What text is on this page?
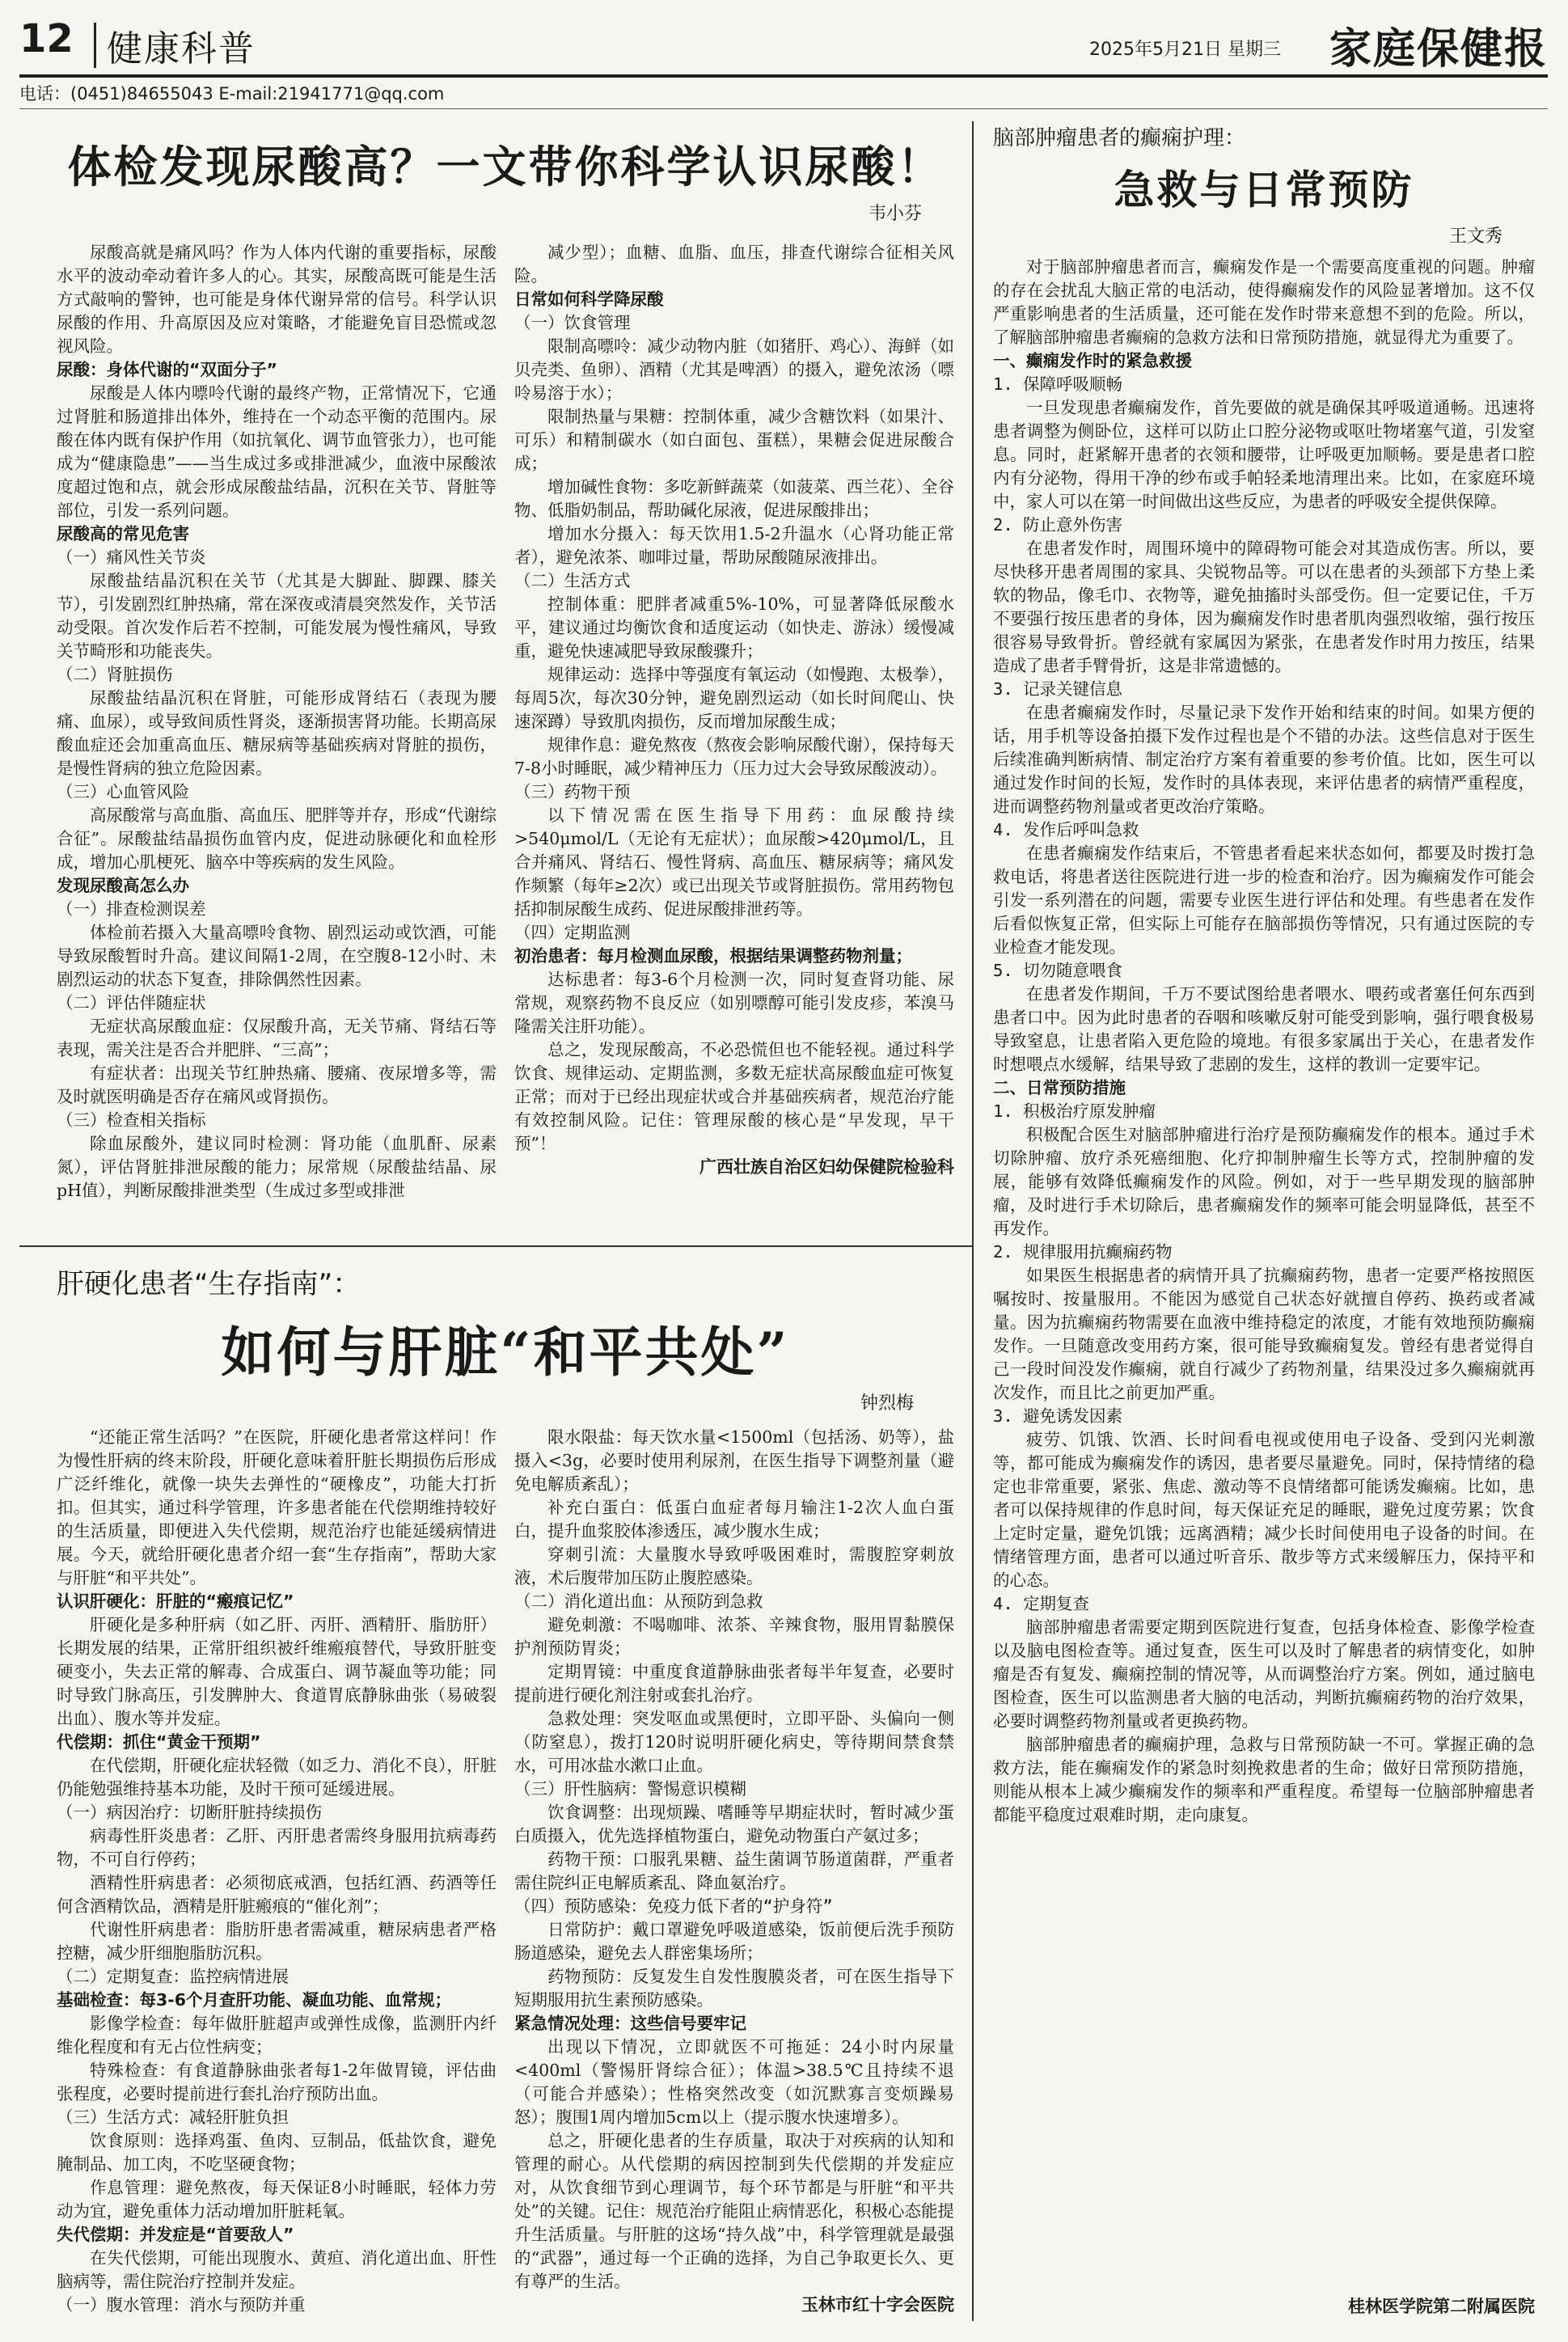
12 健康科普	2025年5月21日 星期三 家庭保健报
电话：(0451)84655043 E-mail:21941771@qq.com
体检发现尿酸高？一文带你科学认识尿酸！
韦小芬

尿酸高就是痛风吗？作为人体内代谢的重要指标，尿酸水平的波动牵动着许多人的心。其实，尿酸高既可能是生活方式敲响的警钟，也可能是身体代谢异常的信号。科学认识尿酸的作用、升高原因及应对策略，才能避免盲目恐慌或忽视风险。

尿酸：身体代谢的“双面分子”

尿酸是人体内嘌呤代谢的最终产物，正常情况下，它通过肾脏和肠道排出体外，维持在一个动态平衡的范围内。尿酸在体内既有保护作用（如抗氧化、调节血管张力），也可能成为“健康隐患”——当生成过多或排泄减少，血液中尿酸浓度超过饱和点，就会形成尿酸盐结晶，沉积在关节、肾脏等部位，引发一系列问题。

尿酸高的常见危害

（一）痛风性关节炎

尿酸盐结晶沉积在关节（尤其是大脚趾、脚踝、膝关节），引发剧烈红肿热痛，常在深夜或清晨突然发作，关节活动受限。首次发作后若不控制，可能发展为慢性痛风，导致关节畸形和功能丧失。

（二）肾脏损伤

尿酸盐结晶沉积在肾脏，可能形成肾结石（表现为腰痛、血尿），或导致间质性肾炎，逐渐损害肾功能。长期高尿酸血症还会加重高血压、糖尿病等基础疾病对肾脏的损伤，是慢性肾病的独立危险因素。

（三）心血管风险

高尿酸常与高血脂、高血压、肥胖等并存，形成“代谢综合征”。尿酸盐结晶损伤血管内皮，促进动脉硬化和血栓形成，增加心肌梗死、脑卒中等疾病的发生风险。

发现尿酸高怎么办

（一）排查检测误差

体检前若摄入大量高嘌呤食物、剧烈运动或饮酒，可能导致尿酸暂时升高。建议间隔1-2周，在空腹8-12小时、未剧烈运动的状态下复查，排除偶然性因素。

（二）评估伴随症状

无症状高尿酸血症：仅尿酸升高，无关节痛、肾结石等表现，需关注是否合并肥胖、“三高”；

有症状者：出现关节红肿热痛、腰痛、夜尿增多等，需及时就医明确是否存在痛风或肾损伤。

（三）检查相关指标

除血尿酸外，建议同时检测：肾功能（血肌酐、尿素氮），评估肾脏排泄尿酸的能力；尿常规（尿酸盐结晶、尿pH值），判断尿酸排泄类型（生成过多型或排泄

减少型）；血糖、血脂、血压，排查代谢综合征相关风险。

日常如何科学降尿酸

（一）饮食管理

限制高嘌呤：减少动物内脏（如猪肝、鸡心）、海鲜（如贝壳类、鱼卵）、酒精（尤其是啤酒）的摄入，避免浓汤（嘌呤易溶于水）；

限制热量与果糖：控制体重，减少含糖饮料（如果汁、可乐）和精制碳水（如白面包、蛋糕），果糖会促进尿酸合成；

增加碱性食物：多吃新鲜蔬菜（如菠菜、西兰花）、全谷物、低脂奶制品，帮助碱化尿液，促进尿酸排出；

增加水分摄入：每天饮用1.5-2升温水（心肾功能正常者），避免浓茶、咖啡过量，帮助尿酸随尿液排出。

（二）生活方式

控制体重：肥胖者减重5%-10%，可显著降低尿酸水平，建议通过均衡饮食和适度运动（如快走、游泳）缓慢减重，避免快速减肥导致尿酸骤升；

规律运动：选择中等强度有氧运动（如慢跑、太极拳），每周5次，每次30分钟，避免剧烈运动（如长时间爬山、快速深蹲）导致肌肉损伤，反而增加尿酸生成；

规律作息：避免熬夜（熬夜会影响尿酸代谢），保持每天7-8小时睡眠，减少精神压力（压力过大会导致尿酸波动）。

（三）药物干预

以下情况需在医生指导下用药：血尿酸持续>540μmol/L（无论有无症状）；血尿酸>420μmol/L，且合并痛风、肾结石、慢性肾病、高血压、糖尿病等；痛风发作频繁（每年≥2次）或已出现关节或肾脏损伤。常用药物包括抑制尿酸生成药、促进尿酸排泄药等。

（四）定期监测

初治患者：每月检测血尿酸，根据结果调整药物剂量；

达标患者：每3-6个月检测一次，同时复查肾功能、尿常规，观察药物不良反应（如别嘌醇可能引发皮疹，苯溴马隆需关注肝功能）。

总之，发现尿酸高，不必恐慌但也不能轻视。通过科学饮食、规律运动、定期监测，多数无症状高尿酸血症可恢复正常；而对于已经出现症状或合并基础疾病者，规范治疗能有效控制风险。记住：管理尿酸的核心是“早发现，早干预”！

广西壮族自治区妇幼保健院检验科
肝硬化患者“生存指南”：
如何与肝脏“和平共处”
钟烈梅

“还能正常生活吗？”在医院，肝硬化患者常这样问！作为慢性肝病的终末阶段，肝硬化意味着肝脏长期损伤后形成广泛纤维化，就像一块失去弹性的“硬橡皮”，功能大打折扣。但其实，通过科学管理，许多患者能在代偿期维持较好的生活质量，即便进入失代偿期，规范治疗也能延缓病情进展。今天，就给肝硬化患者介绍一套“生存指南”，帮助大家与肝脏“和平共处”。

认识肝硬化：肝脏的“瘢痕记忆”

肝硬化是多种肝病（如乙肝、丙肝、酒精肝、脂肪肝）长期发展的结果，正常肝组织被纤维瘢痕替代，导致肝脏变硬变小，失去正常的解毒、合成蛋白、调节凝血等功能；同时导致门脉高压，引发脾肿大、食道胃底静脉曲张（易破裂出血）、腹水等并发症。

代偿期：抓住“黄金干预期”

在代偿期，肝硬化症状轻微（如乏力、消化不良），肝脏仍能勉强维持基本功能，及时干预可延缓进展。

（一）病因治疗：切断肝脏持续损伤

病毒性肝炎患者：乙肝、丙肝患者需终身服用抗病毒药物，不可自行停药；

酒精性肝病患者：必须彻底戒酒，包括红酒、药酒等任何含酒精饮品，酒精是肝脏瘢痕的“催化剂”；

代谢性肝病患者：脂肪肝患者需减重，糖尿病患者严格控糖，减少肝细胞脂肪沉积。

（二）定期复查：监控病情进展

基础检查：每3-6个月查肝功能、凝血功能、血常规；

影像学检查：每年做肝脏超声或弹性成像，监测肝内纤维化程度和有无占位性病变；

特殊检查：有食道静脉曲张者每1-2年做胃镜，评估曲张程度，必要时提前进行套扎治疗预防出血。

（三）生活方式：减轻肝脏负担

饮食原则：选择鸡蛋、鱼肉、豆制品，低盐饮食，避免腌制品、加工肉，不吃坚硬食物；

作息管理：避免熬夜，每天保证8小时睡眠，轻体力劳动为宜，避免重体力活动增加肝脏耗氧。

失代偿期：并发症是“首要敌人”

在失代偿期，可能出现腹水、黄疸、消化道出血、肝性脑病等，需住院治疗控制并发症。

（一）腹水管理：消水与预防并重

限水限盐：每天饮水量<1500ml（包括汤、奶等），盐摄入<3g，必要时使用利尿剂，在医生指导下调整剂量（避免电解质紊乱）；

补充白蛋白：低蛋白血症者每月输注1-2次人血白蛋白，提升血浆胶体渗透压，减少腹水生成；

穿刺引流：大量腹水导致呼吸困难时，需腹腔穿刺放液，术后腹带加压防止腹腔感染。

（二）消化道出血：从预防到急救

避免刺激：不喝咖啡、浓茶、辛辣食物，服用胃黏膜保护剂预防胃炎；

定期胃镜：中重度食道静脉曲张者每半年复查，必要时提前进行硬化剂注射或套扎治疗。

急救处理：突发呕血或黑便时，立即平卧、头偏向一侧（防窒息），拨打120时说明肝硬化病史，等待期间禁食禁水，可用冰盐水漱口止血。

（三）肝性脑病：警惕意识模糊

饮食调整：出现烦躁、嗜睡等早期症状时，暂时减少蛋白质摄入，优先选择植物蛋白，避免动物蛋白产氨过多；

药物干预：口服乳果糖、益生菌调节肠道菌群，严重者需住院纠正电解质紊乱、降血氨治疗。

（四）预防感染：免疫力低下者的“护身符”

日常防护：戴口罩避免呼吸道感染，饭前便后洗手预防肠道感染，避免去人群密集场所；

药物预防：反复发生自发性腹膜炎者，可在医生指导下短期服用抗生素预防感染。

紧急情况处理：这些信号要牢记

出现以下情况，立即就医不可拖延：24小时内尿量<400ml（警惕肝肾综合征）；体温>38.5℃且持续不退（可能合并感染）；性格突然改变（如沉默寡言变烦躁易怒）；腹围1周内增加5cm以上（提示腹水快速增多）。

总之，肝硬化患者的生存质量，取决于对疾病的认知和管理的耐心。从代偿期的病因控制到失代偿期的并发症应对，从饮食细节到心理调节，每个环节都是与肝脏“和平共处”的关键。记住：规范治疗能阻止病情恶化，积极心态能提升生活质量。与肝脏的这场“持久战”中，科学管理就是最强的“武器”，通过每一个正确的选择，为自己争取更长久、更有尊严的生活。

玉林市红十字会医院
脑部肿瘤患者的癫痫护理：
急救与日常预防
王文秀

对于脑部肿瘤患者而言，癫痫发作是一个需要高度重视的问题。肿瘤的存在会扰乱大脑正常的电活动，使得癫痫发作的风险显著增加。这不仅严重影响患者的生活质量，还可能在发作时带来意想不到的危险。所以，了解脑部肿瘤患者癫痫的急救方法和日常预防措施，就显得尤为重要了。

一、癫痫发作时的紧急救援

1. 保障呼吸顺畅

一旦发现患者癫痫发作，首先要做的就是确保其呼吸道通畅。迅速将患者调整为侧卧位，这样可以防止口腔分泌物或呕吐物堵塞气道，引发窒息。同时，赶紧解开患者的衣领和腰带，让呼吸更加顺畅。要是患者口腔内有分泌物，得用干净的纱布或手帕轻柔地清理出来。比如，在家庭环境中，家人可以在第一时间做出这些反应，为患者的呼吸安全提供保障。

2. 防止意外伤害

在患者发作时，周围环境中的障碍物可能会对其造成伤害。所以，要尽快移开患者周围的家具、尖锐物品等。可以在患者的头颈部下方垫上柔软的物品，像毛巾、衣物等，避免抽搐时头部受伤。但一定要记住，千万不要强行按压患者的身体，因为癫痫发作时患者肌肉强烈收缩，强行按压很容易导致骨折。曾经就有家属因为紧张，在患者发作时用力按压，结果造成了患者手臂骨折，这是非常遗憾的。

3. 记录关键信息

在患者癫痫发作时，尽量记录下发作开始和结束的时间。如果方便的话，用手机等设备拍摄下发作过程也是个不错的办法。这些信息对于医生后续准确判断病情、制定治疗方案有着重要的参考价值。比如，医生可以通过发作时间的长短，发作时的具体表现，来评估患者的病情严重程度，进而调整药物剂量或者更改治疗策略。

4. 发作后呼叫急救

在患者癫痫发作结束后，不管患者看起来状态如何，都要及时拨打急救电话，将患者送往医院进行进一步的检查和治疗。因为癫痫发作可能会引发一系列潜在的问题，需要专业医生进行评估和处理。有些患者在发作后看似恢复正常，但实际上可能存在脑部损伤等情况，只有通过医院的专业检查才能发现。

5. 切勿随意喂食

在患者发作期间，千万不要试图给患者喂水、喂药或者塞任何东西到患者口中。因为此时患者的吞咽和咳嗽反射可能受到影响，强行喂食极易导致窒息，让患者陷入更危险的境地。有很多家属出于关心，在患者发作时想喂点水缓解，结果导致了悲剧的发生，这样的教训一定要牢记。

二、日常预防措施

1. 积极治疗原发肿瘤

积极配合医生对脑部肿瘤进行治疗是预防癫痫发作的根本。通过手术切除肿瘤、放疗杀死癌细胞、化疗抑制肿瘤生长等方式，控制肿瘤的发展，能够有效降低癫痫发作的风险。例如，对于一些早期发现的脑部肿瘤，及时进行手术切除后，患者癫痫发作的频率可能会明显降低，甚至不再发作。

2. 规律服用抗癫痫药物

如果医生根据患者的病情开具了抗癫痫药物，患者一定要严格按照医嘱按时、按量服用。不能因为感觉自己状态好就擅自停药、换药或者减量。因为抗癫痫药物需要在血液中维持稳定的浓度，才能有效地预防癫痫发作。一旦随意改变用药方案，很可能导致癫痫复发。曾经有患者觉得自己一段时间没发作癫痫，就自行减少了药物剂量，结果没过多久癫痫就再次发作，而且比之前更加严重。

3. 避免诱发因素

疲劳、饥饿、饮酒、长时间看电视或使用电子设备、受到闪光刺激等，都可能成为癫痫发作的诱因，患者要尽量避免。同时，保持情绪的稳定也非常重要，紧张、焦虑、激动等不良情绪都可能诱发癫痫。比如，患者可以保持规律的作息时间，每天保证充足的睡眠，避免过度劳累；饮食上定时定量，避免饥饿；远离酒精；减少长时间使用电子设备的时间。在情绪管理方面，患者可以通过听音乐、散步等方式来缓解压力，保持平和的心态。

4. 定期复查

脑部肿瘤患者需要定期到医院进行复查，包括身体检查、影像学检查以及脑电图检查等。通过复查，医生可以及时了解患者的病情变化，如肿瘤是否有复发、癫痫控制的情况等，从而调整治疗方案。例如，通过脑电图检查，医生可以监测患者大脑的电活动，判断抗癫痫药物的治疗效果，必要时调整药物剂量或者更换药物。

脑部肿瘤患者的癫痫护理，急救与日常预防缺一不可。掌握正确的急救方法，能在癫痫发作的紧急时刻挽救患者的生命；做好日常预防措施，则能从根本上减少癫痫发作的频率和严重程度。希望每一位脑部肿瘤患者都能平稳度过艰难时期，走向康复。

桂林医学院第二附属医院
